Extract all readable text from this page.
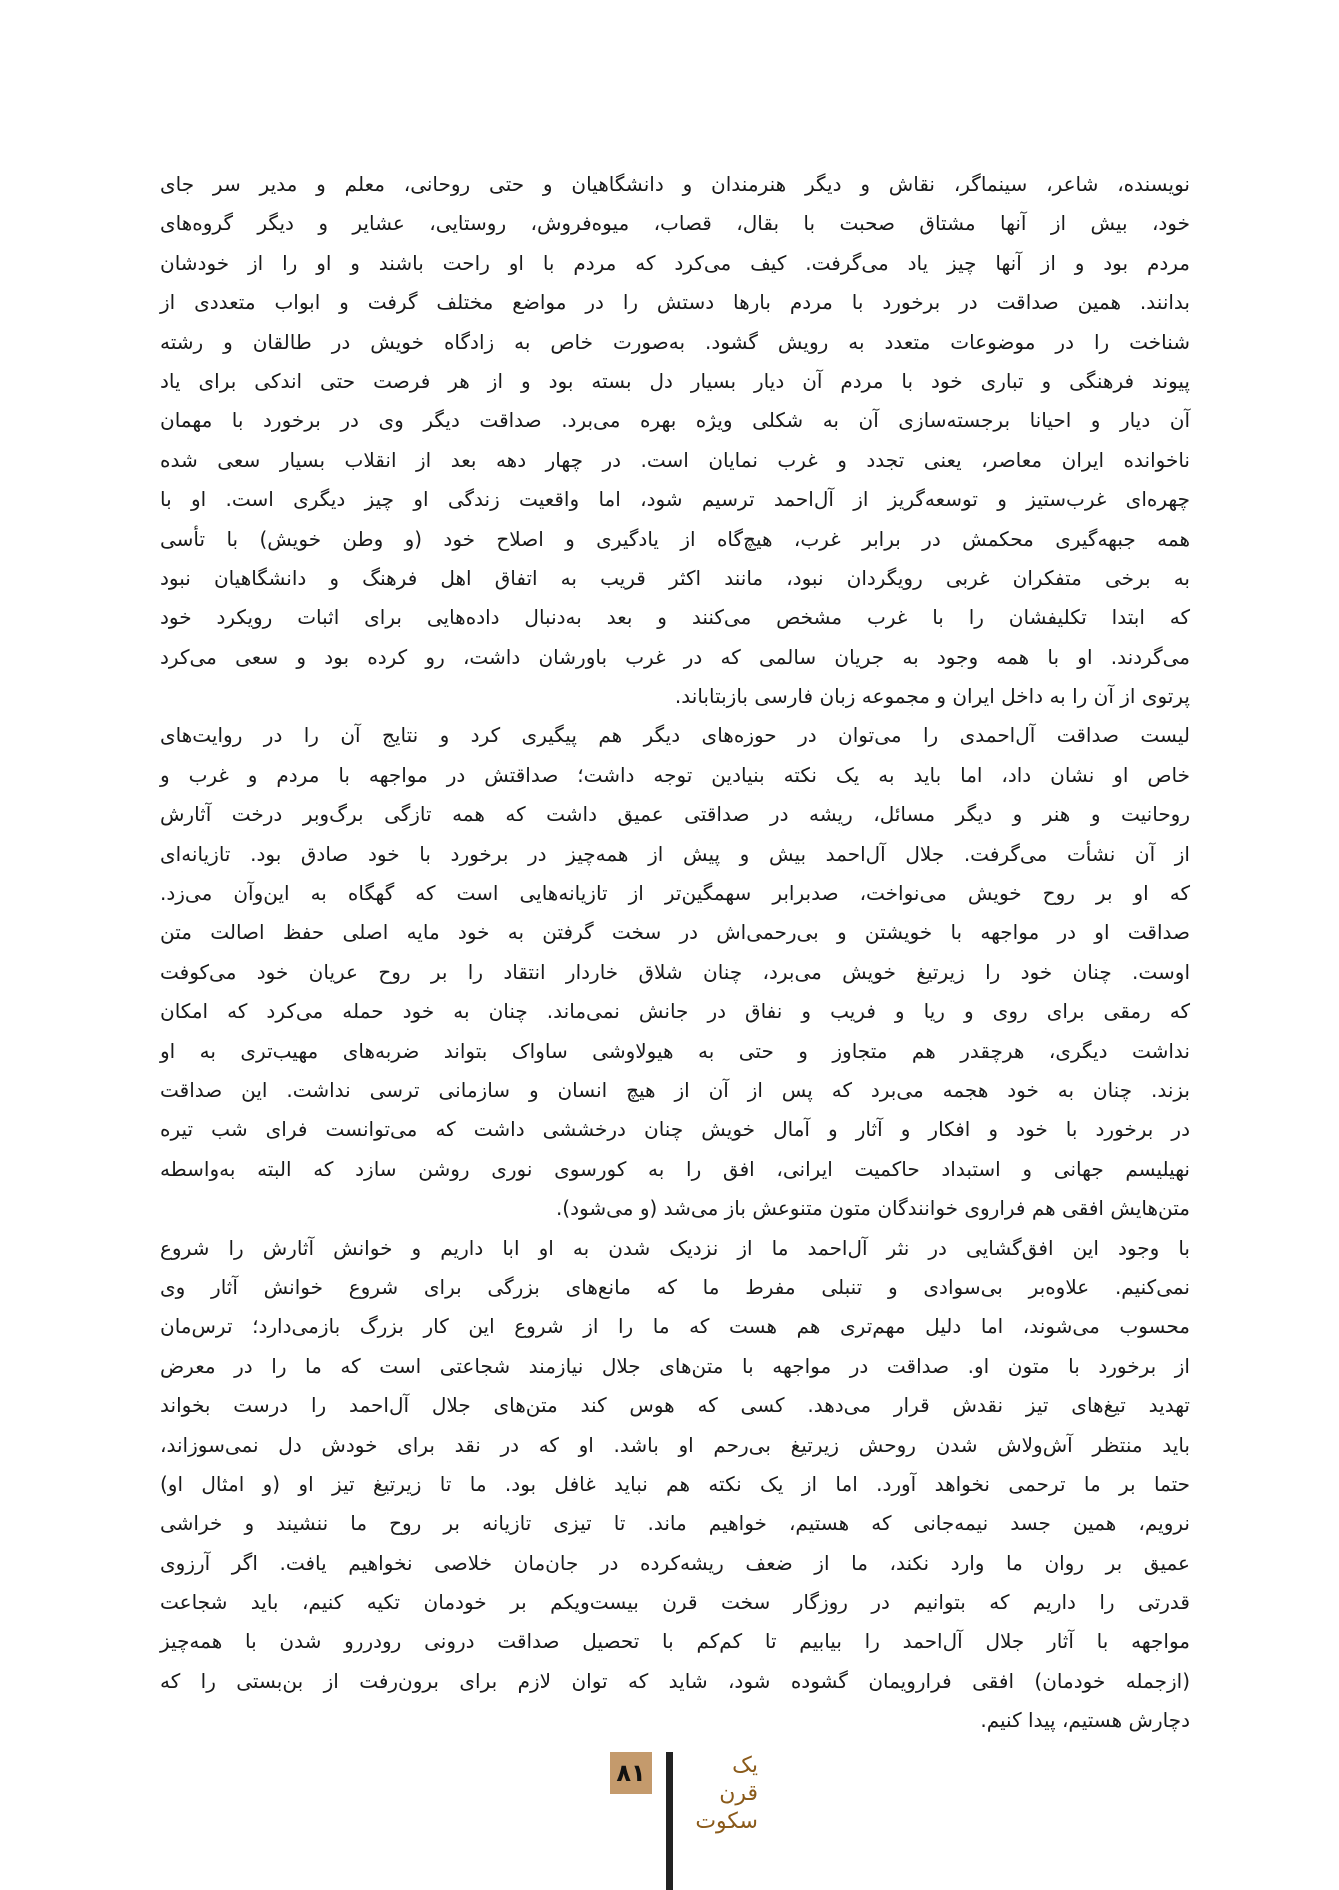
نویسنده، شاعر، سینماگر، نقاش و دیگر هنرمندان و دانشگاهیان و حتی روحانی، معلم و مدیر سر جای
خود، بیش از آنها مشتاق صحبت با بقال، قصاب، میوه‌فروش، روستایی، عشایر و دیگر گروه‌های
مردم بود و از آنها چیز یاد می‌گرفت. کیف می‌کرد که مردم با او راحت باشند و او را از خودشان
بدانند. همین صداقت در برخورد با مردم بارها دستش را در مواضع مختلف گرفت و ابواب متعددی از
شناخت را در موضوعات متعدد به رویش گشود. به‌صورت خاص به زادگاه خویش در طالقان و رشته
پیوند فرهنگی و تباری خود با مردم آن دیار بسیار دل بسته بود و از هر فرصت حتی اندکی برای یاد
آن دیار و احیانا برجسته‌سازی آن به شکلی ویژه بهره می‌برد. صداقت دیگر وی در برخورد با مهمان
ناخوانده ایران معاصر، یعنی تجدد و غرب نمایان است. در چهار دهه بعد از انقلاب بسیار سعی شده
چهره‌ای غرب‌ستیز و توسعه‌گریز از آل‌احمد ترسیم شود، اما واقعیت زندگی او چیز دیگری است. او با
همه جبهه‌گیری محکمش در برابر غرب، هیچ‌گاه از یادگیری و اصلاح خود (و وطن خویش) با تأسی
به برخی متفکران غربی رویگردان نبود، مانند اکثر قریب به اتفاق اهل فرهنگ و دانشگاهیان نبود
که ابتدا تکلیفشان را با غرب مشخص می‌کنند و بعد به‌دنبال داده‌هایی برای اثبات رویکرد خود
می‌گردند. او با همه وجود به جریان سالمی که در غرب باورشان داشت، رو کرده بود و سعی می‌کرد
پرتوی از آن را به داخل ایران و مجموعه زبان فارسی بازبتاباند.
لیست صداقت آل‌احمدی را می‌توان در حوزه‌های دیگر هم پیگیری کرد و نتایج آن را در روایت‌های
خاص او نشان داد، اما باید به یک نکته بنیادین توجه داشت؛ صداقتش در مواجهه با مردم و غرب و
روحانیت و هنر و دیگر مسائل، ریشه در صداقتی عمیق داشت که همه تازگی برگ‌وبر درخت آثارش
از آن نشأت می‌گرفت. جلال آل‌احمد بیش و پیش از همه‌چیز در برخورد با خود صادق بود. تازیانه‌ای
که او بر روح خویش می‌نواخت، صدبرابر سهمگین‌تر از تازیانه‌هایی است که گهگاه به این‌وآن می‌زد.
صداقت او در مواجهه با خویشتن و بی‌رحمی‌اش در سخت گرفتن به خود مایه اصلی حفظ اصالت متن
اوست. چنان خود را زیرتیغ خویش می‌برد، چنان شلاق خاردار انتقاد را بر روح عریان خود می‌کوفت
که رمقی برای روی و ریا و فریب و نفاق در جانش نمی‌ماند. چنان به خود حمله می‌کرد که امکان
نداشت دیگری، هرچقدر هم متجاوز و حتی به هیولاوشی ساواک بتواند ضربه‌های مهیب‌تری به او
بزند. چنان به خود هجمه می‌برد که پس از آن از هیچ انسان و سازمانی ترسی نداشت. این صداقت
در برخورد با خود و افکار و آثار و آمال خویش چنان درخششی داشت که می‌توانست فرای شب تیره
نهیلیسم جهانی و استبداد حاکمیت ایرانی، افق را به کورسوی نوری روشن سازد که البته به‌واسطه
متن‌هایش افقی هم فراروی خوانندگان متون متنوعش باز می‌شد (و می‌شود).
با وجود این افق‌گشایی در نثر آل‌احمد ما از نزدیک شدن به او ابا داریم و خوانش آثارش را شروع
نمی‌کنیم. علاوه‌بر بی‌سوادی و تنبلی مفرط ما که مانع‌های بزرگی برای شروع خوانش آثار وی
محسوب می‌شوند، اما دلیل مهم‌تری هم هست که ما را از شروع این کار بزرگ بازمی‌دارد؛ ترس‌مان
از برخورد با متون او. صداقت در مواجهه با متن‌های جلال نیازمند شجاعتی است که ما را در معرض
تهدید تیغ‌های تیز نقدش قرار می‌دهد. کسی که هوس کند متن‌های جلال آل‌احمد را درست بخواند
باید منتظر آش‌ولاش شدن روحش زیرتیغ بی‌رحم او باشد. او که در نقد برای خودش دل نمی‌سوزاند،
حتما بر ما ترحمی نخواهد آورد. اما از یک نکته هم نباید غافل بود. ما تا زیرتیغ تیز او (و امثال او)
نرویم، همین جسد نیمه‌جانی که هستیم، خواهیم ماند. تا تیزی تازیانه بر روح ما ننشیند و خراشی
عمیق بر روان ما وارد نکند، ما از ضعف ریشه‌کرده در جان‌مان خلاصی نخواهیم یافت. اگر آرزوی
قدرتی را داریم که بتوانیم در روزگار سخت قرن بیست‌ویکم بر خودمان تکیه کنیم، باید شجاعت
مواجهه با آثار جلال آل‌احمد را بیابیم تا کم‌کم با تحصیل صداقت درونی رودررو شدن با همه‌چیز
(ازجمله خودمان) افقی فرارویمان گشوده شود، شاید که توان لازم برای برون‌رفت از بن‌بستی را که
دچارش هستیم، پیدا کنیم.
۸۱	یک قرن
سکوت
